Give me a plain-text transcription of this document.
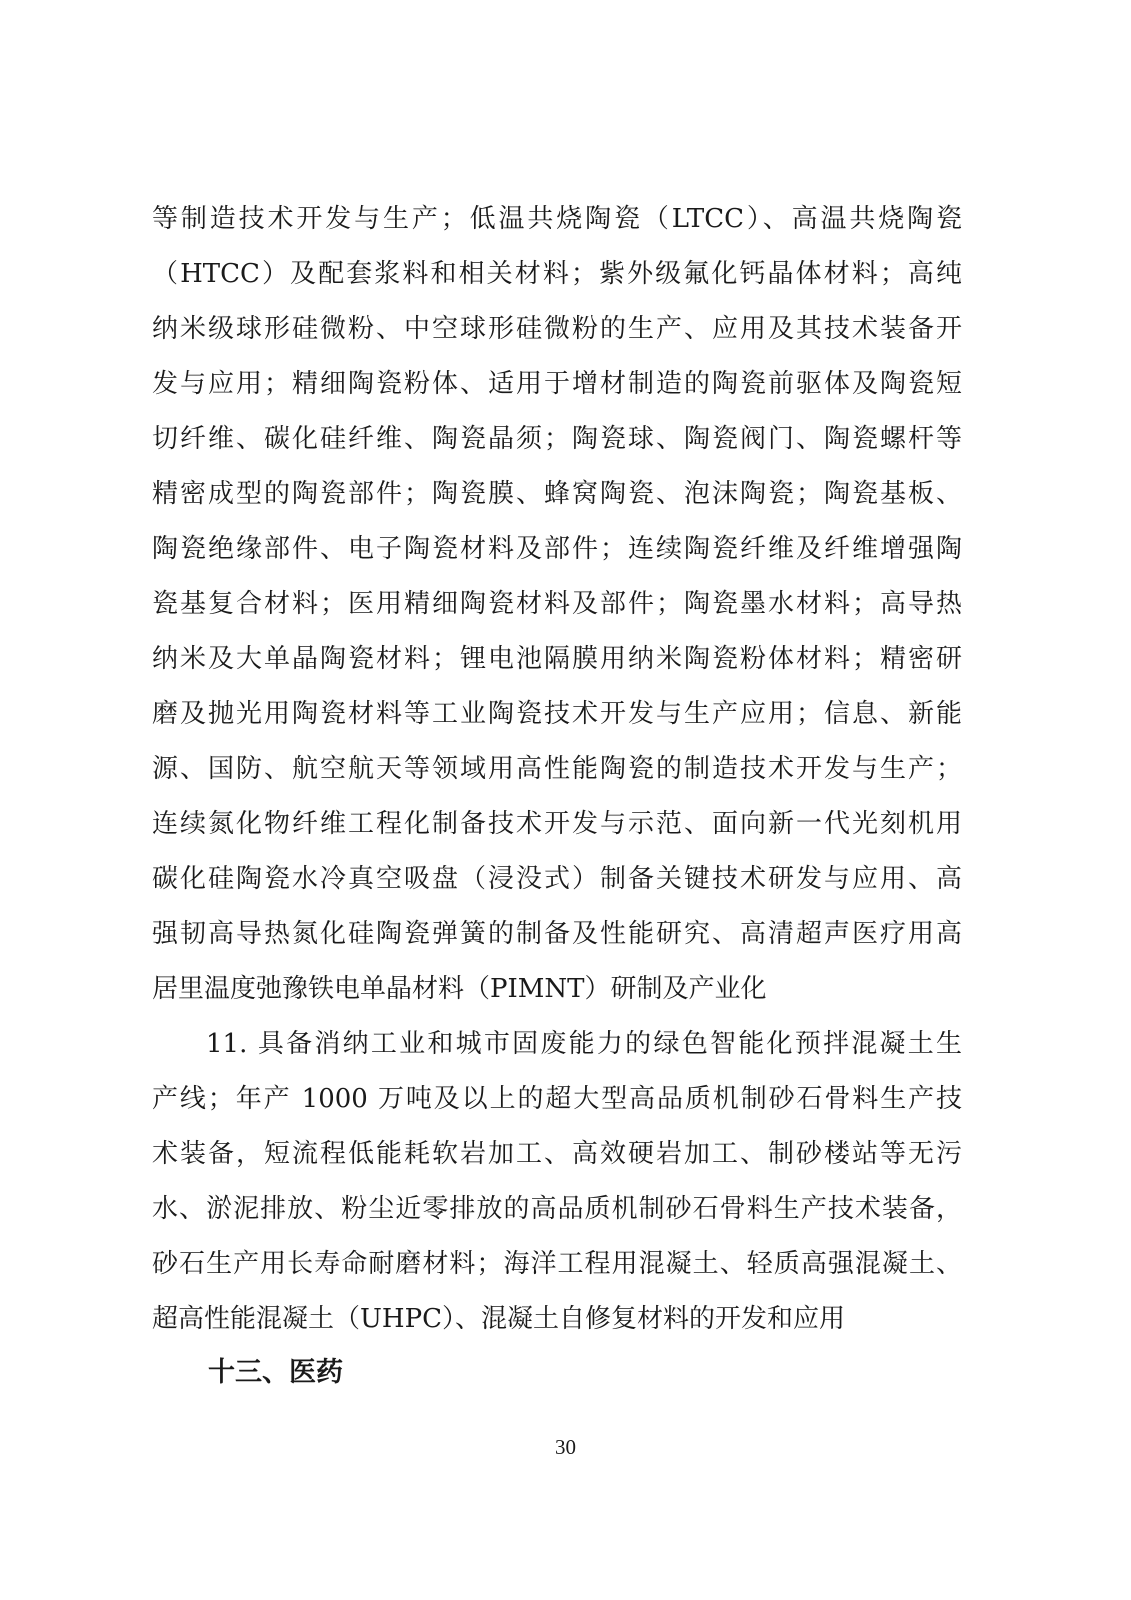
等制造技术开发与生产；低温共烧陶瓷（LTCC）、高温共烧陶瓷
（HTCC）及配套浆料和相关材料；紫外级氟化钙晶体材料；高纯
纳米级球形硅微粉、中空球形硅微粉的生产、应用及其技术装备开
发与应用；精细陶瓷粉体、适用于增材制造的陶瓷前驱体及陶瓷短
切纤维、碳化硅纤维、陶瓷晶须；陶瓷球、陶瓷阀门、陶瓷螺杆等
精密成型的陶瓷部件；陶瓷膜、蜂窝陶瓷、泡沫陶瓷；陶瓷基板、
陶瓷绝缘部件、电子陶瓷材料及部件；连续陶瓷纤维及纤维增强陶
瓷基复合材料；医用精细陶瓷材料及部件；陶瓷墨水材料；高导热
纳米及大单晶陶瓷材料；锂电池隔膜用纳米陶瓷粉体材料；精密研
磨及抛光用陶瓷材料等工业陶瓷技术开发与生产应用；信息、新能
源、国防、航空航天等领域用高性能陶瓷的制造技术开发与生产；
连续氮化物纤维工程化制备技术开发与示范、面向新一代光刻机用
碳化硅陶瓷水冷真空吸盘（浸没式）制备关键技术研发与应用、高
强韧高导热氮化硅陶瓷弹簧的制备及性能研究、高清超声医疗用高
居里温度弛豫铁电单晶材料（PIMNT）研制及产业化
11. 具备消纳工业和城市固废能力的绿色智能化预拌混凝土生
产线；年产 1000 万吨及以上的超大型高品质机制砂石骨料生产技
术装备，短流程低能耗软岩加工、高效硬岩加工、制砂楼站等无污
水、淤泥排放、粉尘近零排放的高品质机制砂石骨料生产技术装备，
砂石生产用长寿命耐磨材料；海洋工程用混凝土、轻质高强混凝土、
超高性能混凝土（UHPC）、混凝土自修复材料的开发和应用
十三、医药
30
